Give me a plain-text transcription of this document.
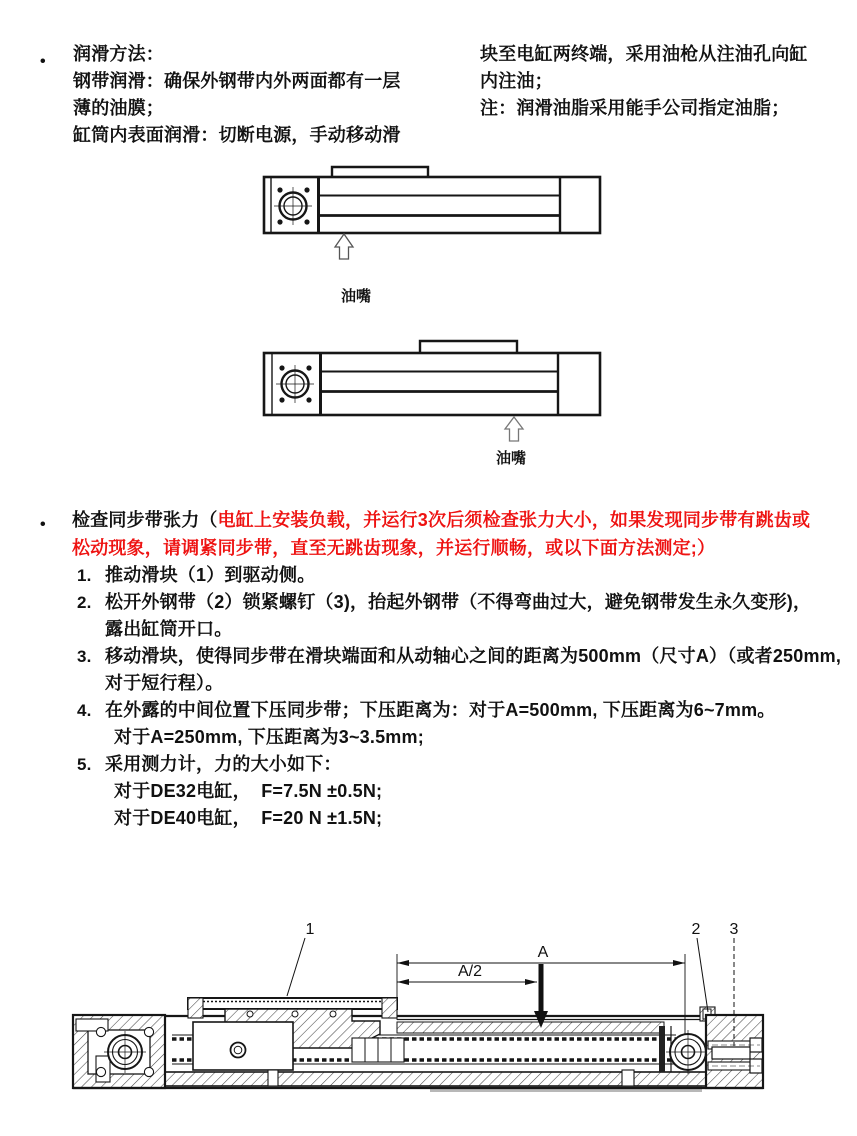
• 润滑方法：
钢带润滑：确保外钢带内外两面都有一层
薄的油膜；
缸筒内表面润滑：切断电源，手动移动滑
块至电缸两终端，采用油枪从注油孔向缸
内注油；
注：润滑油脂采用能手公司指定油脂；
油嘴
油嘴
• 检查同步带张力（电缸上安装负载，并运行3次后须检查张力大小，如果发现同步带有跳齿或
松动现象，请调紧同步带，直至无跳齿现象，并运行顺畅，或以下面方法测定;）
1. 推动滑块（1）到驱动侧。
2. 松开外钢带（2）锁紧螺钉（3)，抬起外钢带（不得弯曲过大，避免钢带发生永久变形)，
露出缸筒开口。
3. 移动滑块，使得同步带在滑块端面和从动轴心之间的距离为500mm（尺寸A）（或者250mm,
对于短行程）。
4. 在外露的中间位置下压同步带；下压距离为：对于A=500mm, 下压距离为6~7mm。
对于A=250mm, 下压距离为3~3.5mm;
5. 采用测力计，力的大小如下：
对于DE32电缸，  F=7.5N ±0.5N;
对于DE40电缸，  F=20 N ±1.5N;
1	2 3
A
A/2
